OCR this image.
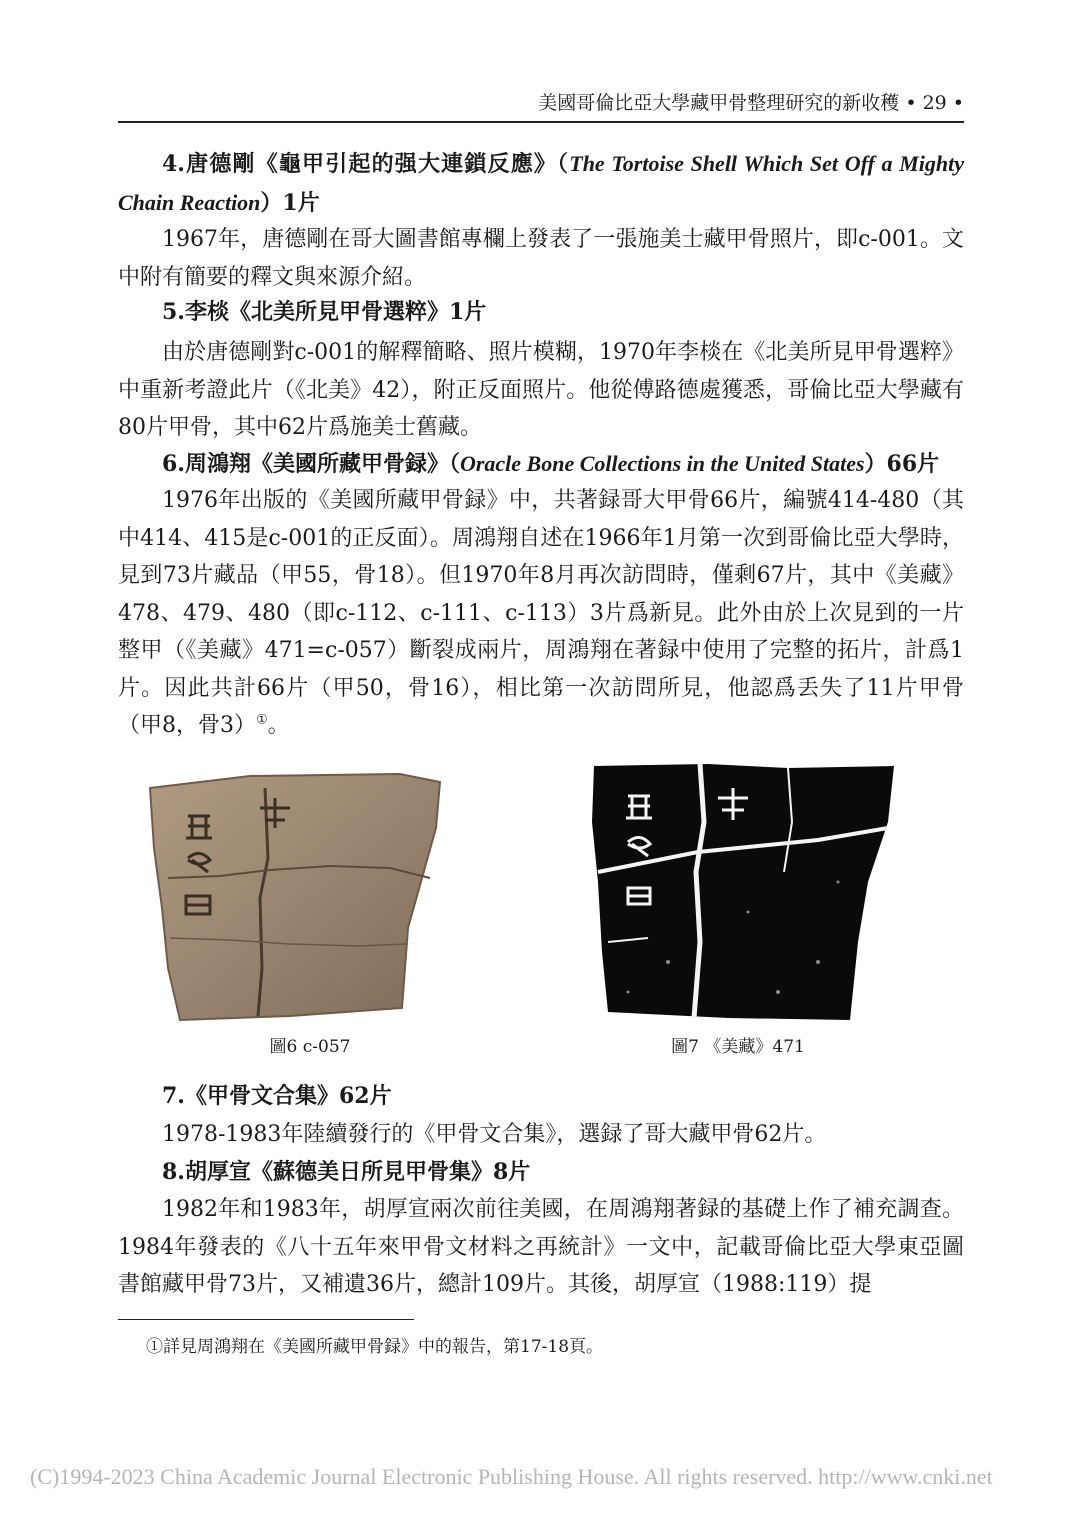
美國哥倫比亞大學藏甲骨整理研究的新收穫 • 29 •
4.唐德剛《龜甲引起的强大連鎖反應》（The Tortoise Shell Which Set Off a Mighty Chain Reaction）1片
1967年，唐德剛在哥大圖書館專欄上發表了一張施美士藏甲骨照片，即c-001。文中附有簡要的釋文與來源介紹。
5.李棪《北美所見甲骨選粹》1片
由於唐德剛對c-001的解釋簡略、照片模糊，1970年李棪在《北美所見甲骨選粹》中重新考證此片（《北美》42），附正反面照片。他從傅路德處獲悉，哥倫比亞大學藏有80片甲骨，其中62片爲施美士舊藏。
6.周鴻翔《美國所藏甲骨録》（Oracle Bone Collections in the United States）66片
1976年出版的《美國所藏甲骨録》中，共著録哥大甲骨66片，編號414-480（其中414、415是c-001的正反面）。周鴻翔自述在1966年1月第一次到哥倫比亞大學時，見到73片藏品（甲55，骨18）。但1970年8月再次訪問時，僅剩67片，其中《美藏》478、479、480（即c-112、c-111、c-113）3片爲新見。此外由於上次見到的一片整甲（《美藏》471=c-057）斷裂成兩片，周鴻翔在著録中使用了完整的拓片，計爲1片。因此共計66片（甲50，骨16），相比第一次訪問所見，他認爲丢失了11片甲骨（甲8，骨3）①。
圖6 c-057	圖7 《美藏》471
7.《甲骨文合集》62片
1978-1983年陸續發行的《甲骨文合集》，選録了哥大藏甲骨62片。
8.胡厚宣《蘇德美日所見甲骨集》8片
1982年和1983年，胡厚宣兩次前往美國，在周鴻翔著録的基礎上作了補充調查。1984年發表的《八十五年來甲骨文材料之再統計》一文中，記載哥倫比亞大學東亞圖書館藏甲骨73片，又補遺36片，總計109片。其後，胡厚宣（1988:119）提
①詳見周鴻翔在《美國所藏甲骨録》中的報告，第17-18頁。
(C)1994-2023 China Academic Journal Electronic Publishing House. All rights reserved. http://www.cnki.net
